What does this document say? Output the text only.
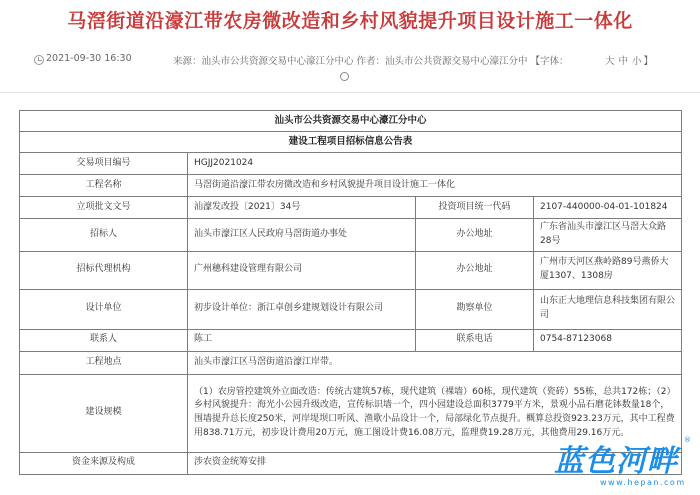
马滘街道沿濠江带农房微改造和乡村风貌提升项目设计施工一体化
2021-09-30 16:30	来源：汕头市公共资源交易中心濠江分中心 作者：汕头市公共资源交易中心濠江分中 【字体：	大 中 小 】
汕头市公共资源交易中心濠江分中心			
建设工程项目招标信息公告表			
交易项目编号	HGJJ2021024		
工程名称	马滘街道沿濠江带农房微改造和乡村风貌提升项目设计施工一体化		
立项批文文号	汕濠发改投〔2021〕34号	投资项目统一代码	2107-440000-04-01-101824
招标人	汕头市濠江区人民政府马滘街道办事处	办公地址	广东省汕头市濠江区马滘大众路28号
招标代理机构	广州穗科建设管理有限公司	办公地址	广州市天河区燕岭路89号燕侨大厦1307、1308房
设计单位	初步设计单位：浙江卓创乡建规划设计有限公司	勘察单位	山东正大地理信息科技集团有限公司
联系人	陈工	联系电话	0754-87123068
工程地点	汕头市濠江区马滘街道沿濠江岸带。		
建设规模	（1）农房管控建筑外立面改造：传统古建筑57栋，现代建筑（裸墙）60栋，现代建筑（瓷砖）55栋，总共172栋；（2）乡村风貌提升：海光小公园升级改造，宣传标识墙一个，四小园建设总面积3779平方米，景观小品石磨花钵数量18个，围墙提升总长度250米，河岸堤坝口听风、渔歌小品设计一个，局部绿化节点提升。概算总投资923.23万元，其中工程费用838.71万元，初步设计费用20万元，施工图设计费16.08万元，监理费19.28万元，其他费用29.16万元。		
资金来源及构成	涉农资金统筹安排			蓝色河畔
®
www.hepan.com
